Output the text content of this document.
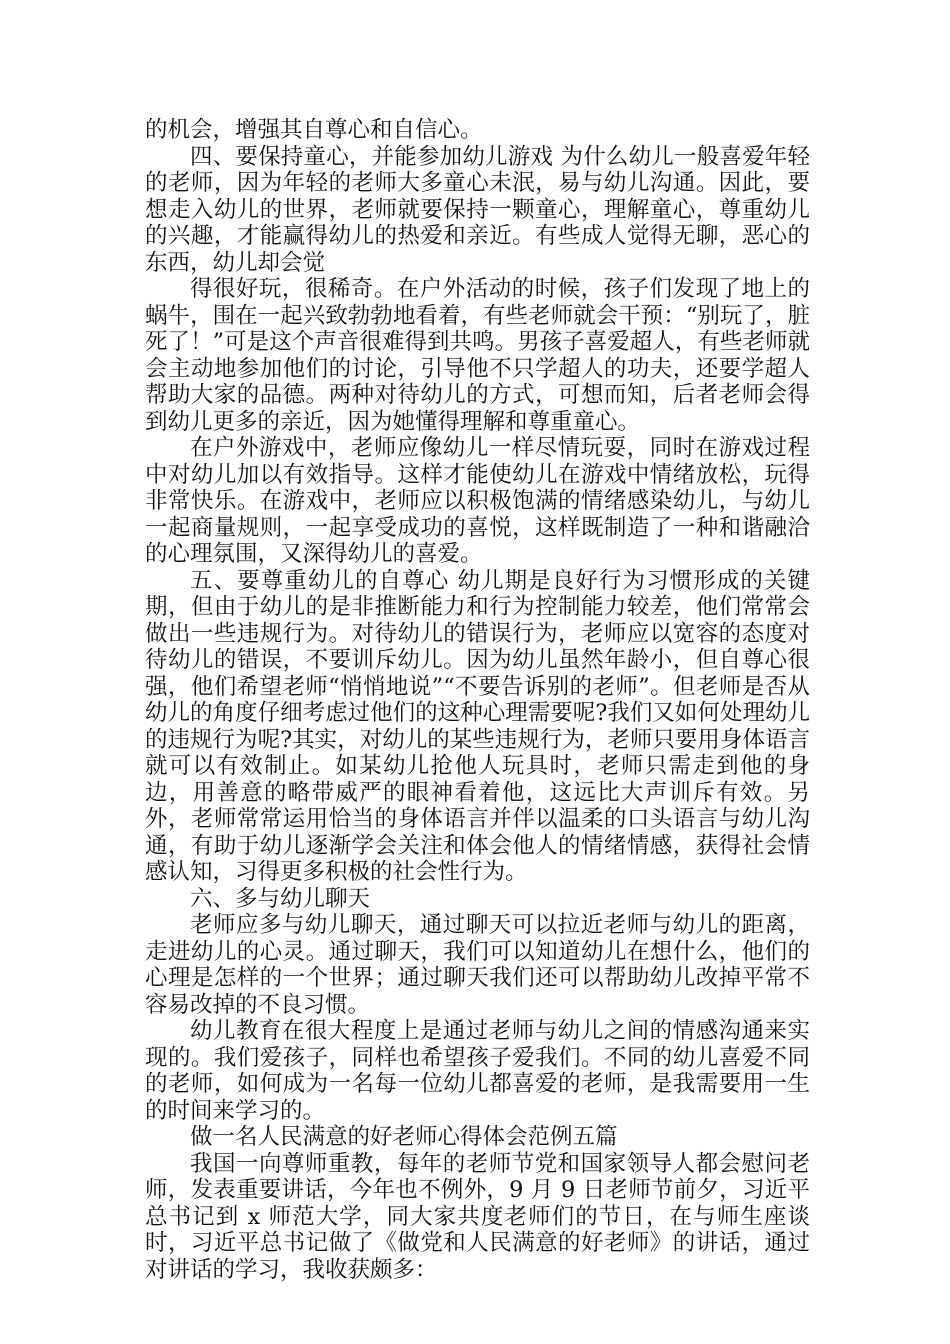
的机会，增强其自尊心和自信心。

四、要保持童心，并能参加幼儿游戏 为什么幼儿一般喜爱年轻的老师，因为年轻的老师大多童心未泯，易与幼儿沟通。因此，要想走入幼儿的世界，老师就要保持一颗童心，理解童心，尊重幼儿的兴趣，才能赢得幼儿的热爱和亲近。有些成人觉得无聊，恶心的东西，幼儿却会觉

得很好玩，很稀奇。在户外活动的时候，孩子们发现了地上的蜗牛，围在一起兴致勃勃地看着，有些老师就会干预：“别玩了，脏死了！”可是这个声音很难得到共鸣。男孩子喜爱超人，有些老师就会主动地参加他们的讨论，引导他不只学超人的功夫，还要学超人帮助大家的品德。两种对待幼儿的方式，可想而知，后者老师会得到幼儿更多的亲近，因为她懂得理解和尊重童心。

在户外游戏中，老师应像幼儿一样尽情玩耍，同时在游戏过程中对幼儿加以有效指导。这样才能使幼儿在游戏中情绪放松，玩得非常快乐。在游戏中，老师应以积极饱满的情绪感染幼儿，与幼儿一起商量规则，一起享受成功的喜悦，这样既制造了一种和谐融洽的心理氛围，又深得幼儿的喜爱。

五、要尊重幼儿的自尊心 幼儿期是良好行为习惯形成的关键期，但由于幼儿的是非推断能力和行为控制能力较差，他们常常会做出一些违规行为。对待幼儿的错误行为，老师应以宽容的态度对待幼儿的错误，不要训斥幼儿。因为幼儿虽然年龄小，但自尊心很强，他们希望老师“悄悄地说”“不要告诉别的老师”。但老师是否从幼儿的角度仔细考虑过他们的这种心理需要呢?我们又如何处理幼儿的违规行为呢?其实，对幼儿的某些违规行为，老师只要用身体语言就可以有效制止。如某幼儿抢他人玩具时，老师只需走到他的身边，用善意的略带威严的眼神看着他，这远比大声训斥有效。另外，老师常常运用恰当的身体语言并伴以温柔的口头语言与幼儿沟通，有助于幼儿逐渐学会关注和体会他人的情绪情感，获得社会情感认知，习得更多积极的社会性行为。

六、多与幼儿聊天

老师应多与幼儿聊天，通过聊天可以拉近老师与幼儿的距离，走进幼儿的心灵。通过聊天，我们可以知道幼儿在想什么，他们的心理是怎样的一个世界；通过聊天我们还可以帮助幼儿改掉平常不容易改掉的不良习惯。

幼儿教育在很大程度上是通过老师与幼儿之间的情感沟通来实现的。我们爱孩子，同样也希望孩子爱我们。不同的幼儿喜爱不同的老师，如何成为一名每一位幼儿都喜爱的老师，是我需要用一生的时间来学习的。

做一名人民满意的好老师心得体会范例五篇

我国一向尊师重教，每年的老师节党和国家领导人都会慰问老师，发表重要讲话，今年也不例外，9 月 9 日老师节前夕，习近平总书记到 x 师范大学，同大家共度老师们的节日，在与师生座谈时，习近平总书记做了《做党和人民满意的好老师》的讲话，通过对讲话的学习，我收获颇多：
